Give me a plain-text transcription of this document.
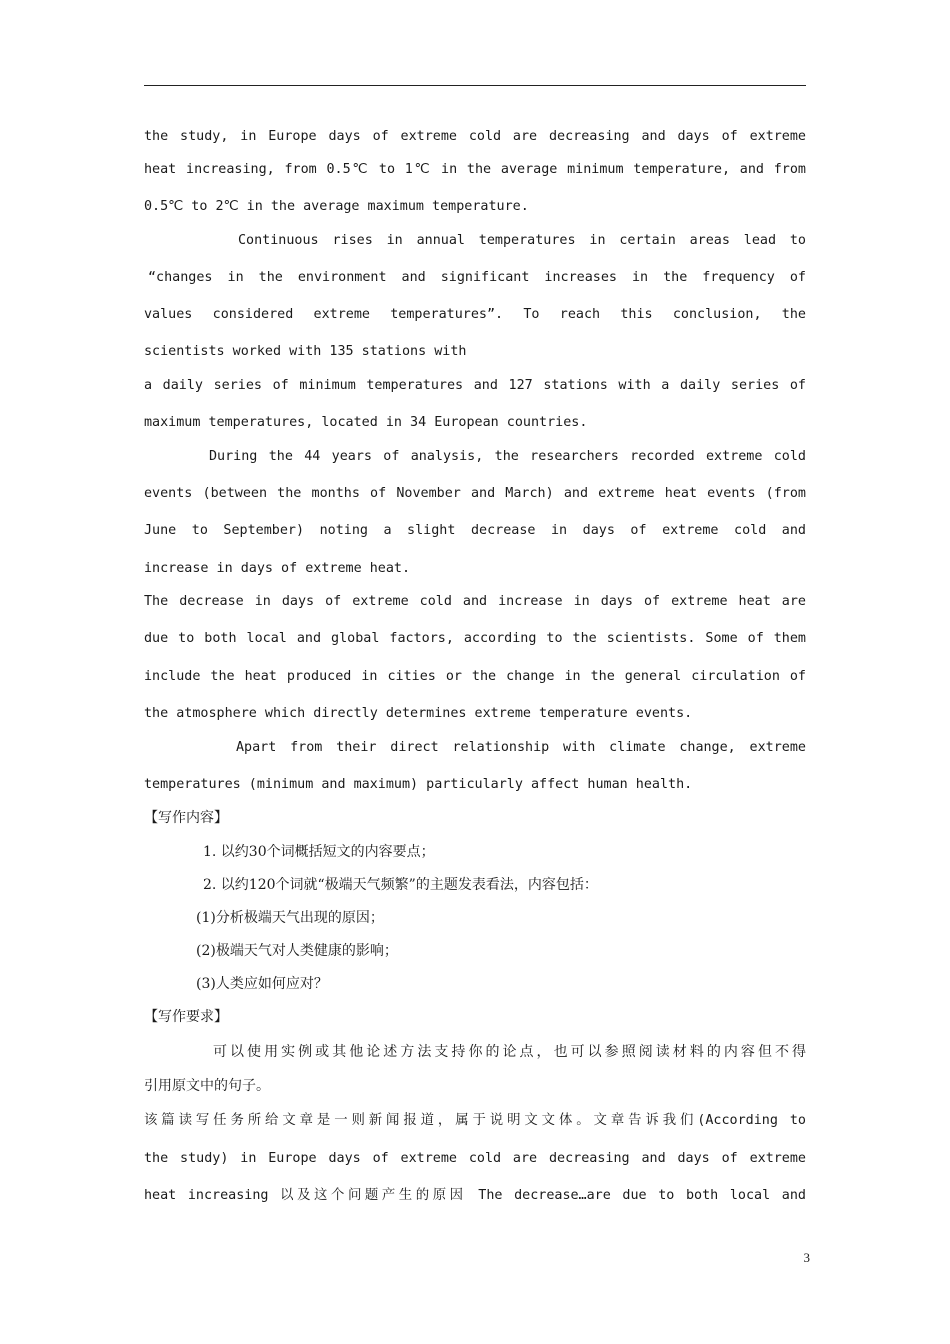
the study, in Europe days of extreme cold are decreasing and days of extreme
heat increasing, from 0.5℃ to 1℃ in the average minimum temperature, and from
0.5℃ to 2℃ in the average maximum temperature.
Continuous rises in annual temperatures in certain areas lead to
“changes in the environment and significant increases in the frequency of
values considered extreme temperatures”. To reach this conclusion, the
scientists worked with 135 stations with
a daily series of minimum temperatures and 127 stations with a daily series of
maximum temperatures, located in 34 European countries.
During the 44 years of analysis, the researchers recorded extreme cold
events (between the months of November and March) and extreme heat events (from
June to September) noting a slight decrease in days of extreme cold and
increase in days of extreme heat.
The decrease in days of extreme cold and increase in days of extreme heat are
due to both local and global factors, according to the scientists. Some of them
include the heat produced in cities or the change in the general circulation of
the atmosphere which directly determines extreme temperature events.
Apart from their direct relationship with climate change, extreme
temperatures (minimum and maximum) particularly affect human health.
【写作内容】
1. 以约30个词概括短文的内容要点；
2. 以约120个词就“极端天气频繁”的主题发表看法，内容包括：
(1)分析极端天气出现的原因；
(2)极端天气对人类健康的影响；
(3)人类应如何应对？
【写作要求】
可以使用实例或其他论述方法支持你的论点，也可以参照阅读材料的内容但不得
引用原文中的句子。
该篇读写任务所给文章是一则新闻报道，属于说明文文体。文章告诉我们(According to
the study) in Europe days of extreme cold are decreasing and days of extreme
heat increasing 以及这个问题产生的原因 The decrease…are due to both local and
3
